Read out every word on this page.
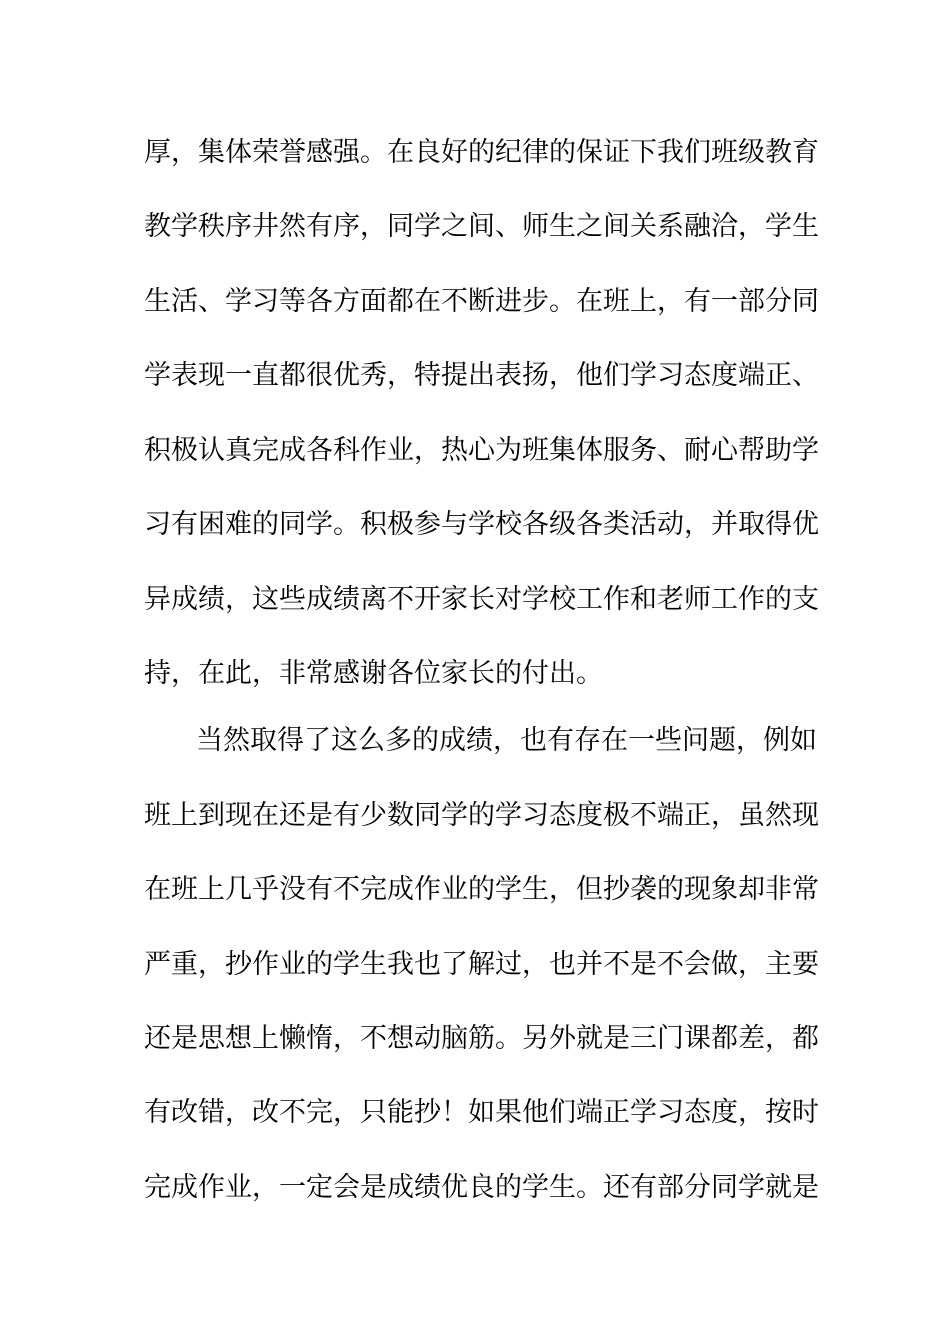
厚，集体荣誉感强。在良好的纪律的保证下我们班级教育
教学秩序井然有序，同学之间、师生之间关系融洽，学生
生活、学习等各方面都在不断进步。在班上，有一部分同
学表现一直都很优秀，特提出表扬，他们学习态度端正、
积极认真完成各科作业，热心为班集体服务、耐心帮助学
习有困难的同学。积极参与学校各级各类活动，并取得优
异成绩，这些成绩离不开家长对学校工作和老师工作的支
持，在此，非常感谢各位家长的付出。
当然取得了这么多的成绩，也有存在一些问题，例如
班上到现在还是有少数同学的学习态度极不端正，虽然现
在班上几乎没有不完成作业的学生，但抄袭的现象却非常
严重，抄作业的学生我也了解过，也并不是不会做，主要
还是思想上懒惰，不想动脑筋。另外就是三门课都差，都
有改错，改不完，只能抄！如果他们端正学习态度，按时
完成作业，一定会是成绩优良的学生。还有部分同学就是
